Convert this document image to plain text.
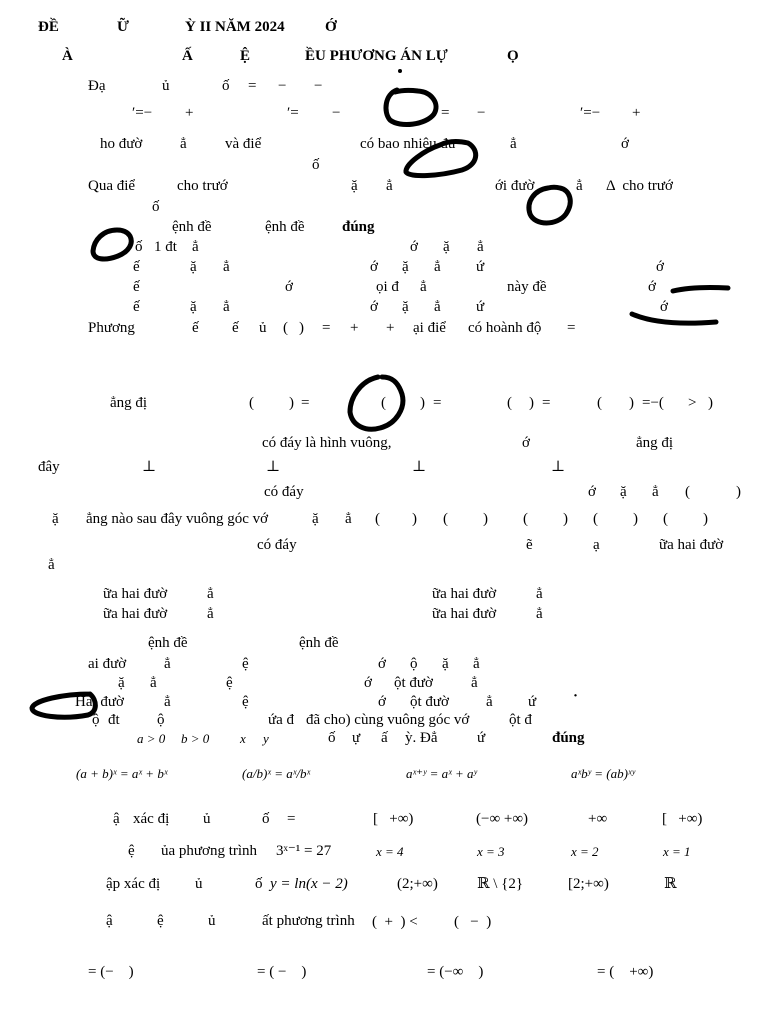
ĐỀ	Ữ	Ỳ II NĂM 2024	Ớ
À	Ấ	Ệ	ỀU PHƯƠNG ÁN LỰ	Ọ
Đạ	ủ	ố = − −
′=− +	′= −	= −	′=− +
ho đườ	ẳ	và điể	có bao nhiêu đư	ẳ	ớ
ố
Qua điể	cho trướ	ặ ẳ	ới đườ	ẳ Δ  cho trướ
ố
ệnh đề	ệnh đề đúng
ố 1 đt ẳ	ớ ặ ẳ
ế	ặ ẳ	ớ ặ ẳ ứ	ớ
ế	ớ	ọi đ ẳ	này đề	ớ
ế	ặ ẳ	ớ ặ ẳ ứ	ớ
Phương	ế ế ủ ( ) = + + ại điể có hoành độ =
ẳng đị	( ) =	( ) =	( ) =	( ) =−( > )
có đáy là hình vuông,	ớ	ẳng đị
đây	⊥	⊥	⊥	⊥
có đáy	ớ ặ ẳ (	)
ặ ẳng nào sau đây vuông góc vớ	ặ ẳ ( ) ( ) ( ) ( ) ( )
có đáy	ẽ	ạ	ữa hai đườ
ẳ
ữa hai đườ	ẳ	ữa hai đườ	ẳ
ữa hai đườ	ẳ	ữa hai đườ	ẳ
ệnh đề	ệnh đề
ai đườ	ẳ	ệ	ớ ộ ặ ẳ
ặ ẳ	ệ	ớ ột đườ	ẳ
Hai đườ	ẳ	ệ	ớ ột đườ ẳ ứ ·
ộ đt ộ	ứa đ đã cho) cùng vuông góc vớ	ột đ
a > 0 b > 0 x y	ố ự ấ ỳ. Đẳ	ứ	đúng
(a + b)ˣ = aˣ + bˣ	(a/b)ˣ = aˣ/bˣ	aˣ⁺ʸ = aˣ + aʸ	aˣbʸ = (ab)ˣʸ
ậ xác đị ủ	ố =	[   +∞)	(−∞ +∞)	+∞	[   +∞)
ệ ủa phương trình 3ˣ⁻¹ = 27	x = 4	x = 3	x = 2	x = 1
ập xác đị ủ	ố y = ln(x − 2)	(2;+∞)	ℝ \ {2}	[2;+∞)	ℝ
ậ	ệ	ủ	ất phương trình (  +  ) < (   −  )
= (−    )	= ( −    )	= (−∞    )	= (    +∞)
